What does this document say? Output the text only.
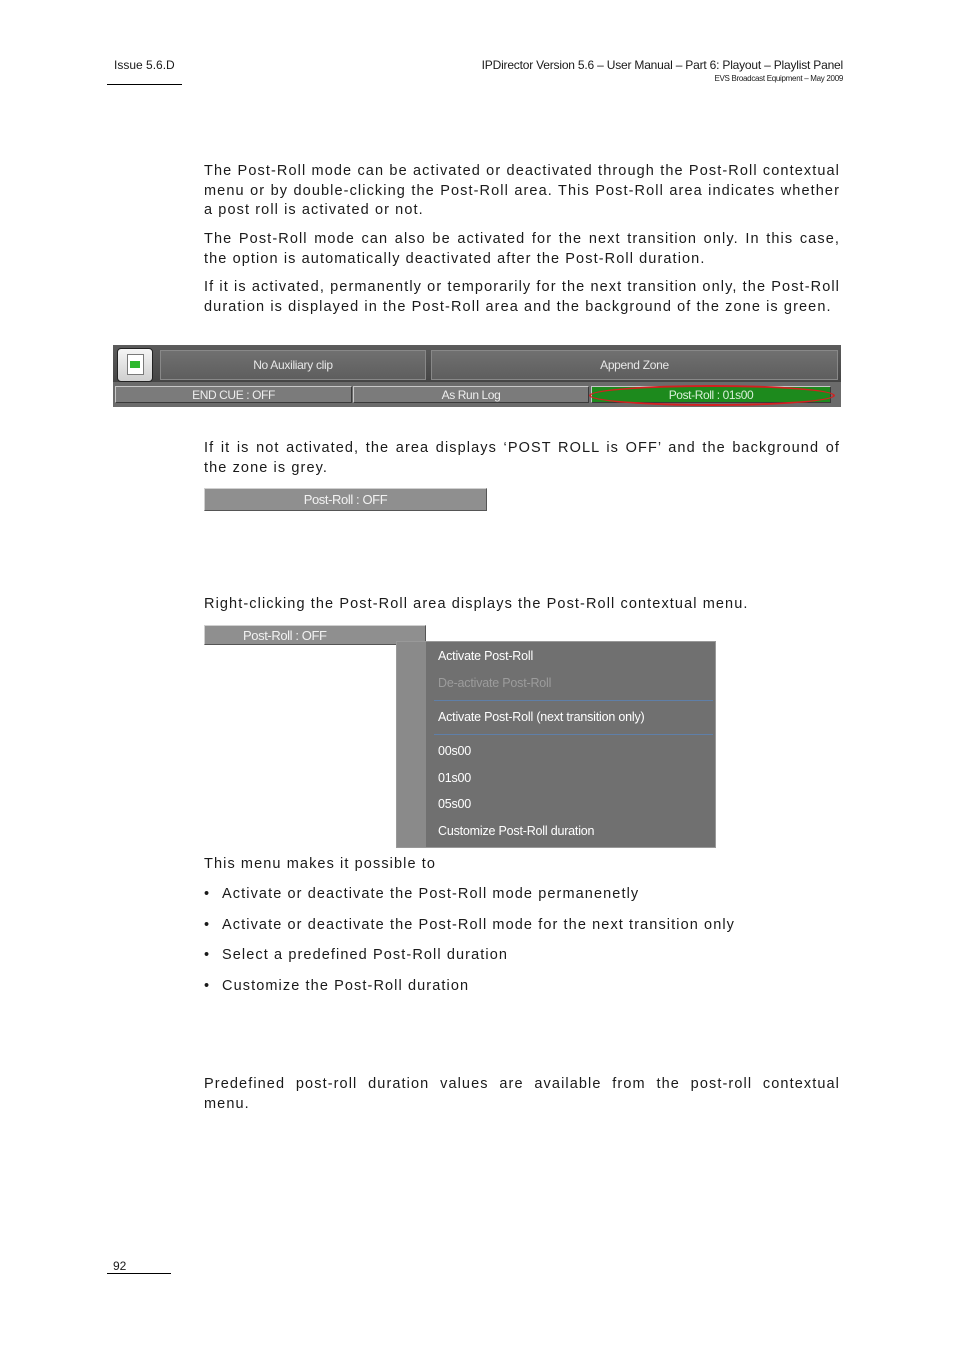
Issue 5.6.D	IPDirector Version 5.6 – User Manual – Part 6: Playout – Playlist Panel
EVS Broadcast Equipment – May 2009
The Post-Roll mode can be activated or deactivated through the Post-Roll contextual menu or by double-clicking the Post-Roll area. This Post-Roll area indicates whether a post roll is activated or not.
The Post-Roll mode can also be activated for the next transition only. In this case, the option is automatically deactivated after the Post-Roll duration.
If it is activated, permanently or temporarily for the next transition only, the Post-Roll duration is displayed in the Post-Roll area and the background of the zone is green.
No Auxiliary clip	Append Zone
END CUE : OFF	As Run Log	Post-Roll : 01s00
If it is not activated, the area displays ‘POST ROLL is OFF’ and the background of the zone is grey.
Post-Roll : OFF
Right-clicking the Post-Roll area displays the Post-Roll contextual menu.
Post-Roll : OFF
Activate Post-Roll
De-activate Post-Roll
Activate Post-Roll (next transition only)
00s00
01s00
05s00
Customize Post-Roll duration
This menu makes it possible to
• Activate or deactivate the Post-Roll mode permanenetly
• Activate or deactivate the Post-Roll mode for the next transition only
• Select a predefined Post-Roll duration
• Customize the Post-Roll duration
Predefined post-roll duration values are available from the post-roll contextual menu.
92
